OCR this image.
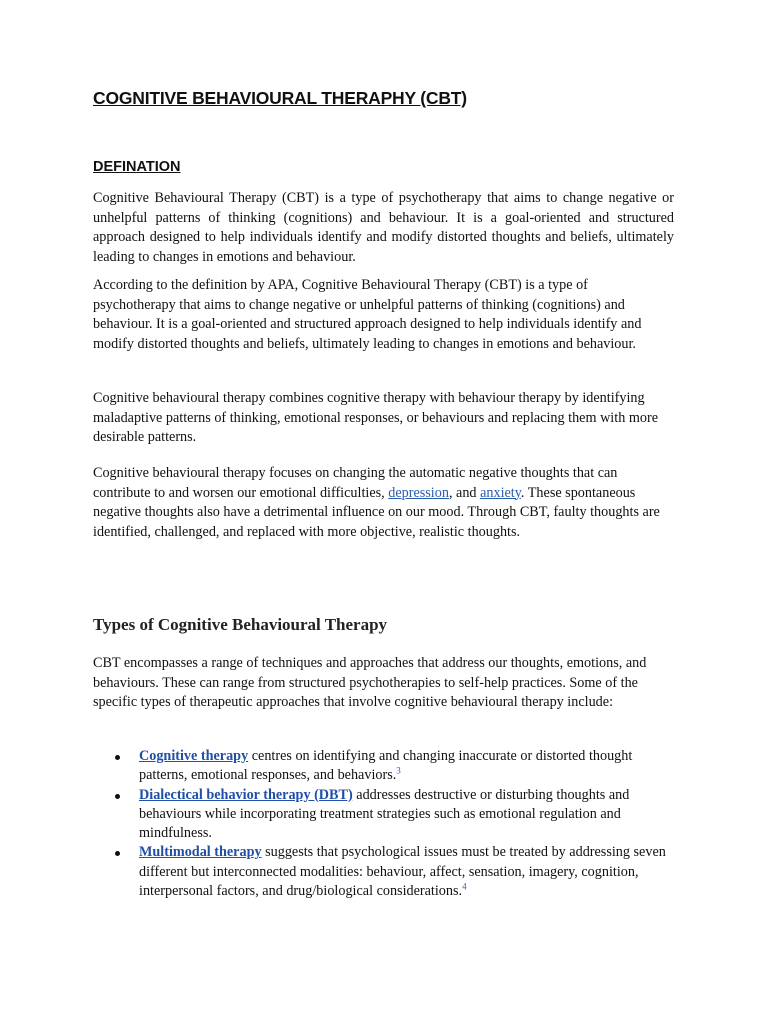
COGNITIVE BEHAVIOURAL THERAPHY (CBT)
DEFINATION

Cognitive Behavioural Therapy (CBT) is a type of psychotherapy that aims to change negative or unhelpful patterns of thinking (cognitions) and behaviour. It is a goal-oriented and structured approach designed to help individuals identify and modify distorted thoughts and beliefs, ultimately leading to changes in emotions and behaviour.

According to the definition by APA, Cognitive Behavioural Therapy (CBT) is a type of psychotherapy that aims to change negative or unhelpful patterns of thinking (cognitions) and behaviour. It is a goal-oriented and structured approach designed to help individuals identify and modify distorted thoughts and beliefs, ultimately leading to changes in emotions and behaviour.

Cognitive behavioural therapy combines cognitive therapy with behaviour therapy by identifying maladaptive patterns of thinking, emotional responses, or behaviours and replacing them with more desirable patterns.

Cognitive behavioural therapy focuses on changing the automatic negative thoughts that can contribute to and worsen our emotional difficulties, depression, and anxiety. These spontaneous negative thoughts also have a detrimental influence on our mood. Through CBT, faulty thoughts are identified, challenged, and replaced with more objective, realistic thoughts.

Types of Cognitive Behavioural Therapy

CBT encompasses a range of techniques and approaches that address our thoughts, emotions, and behaviours. These can range from structured psychotherapies to self-help practices. Some of the specific types of therapeutic approaches that involve cognitive behavioural therapy include:

Cognitive therapy centres on identifying and changing inaccurate or distorted thought patterns, emotional responses, and behaviors.$^3$
Dialectical behavior therapy (DBT) addresses destructive or disturbing thoughts and behaviours while incorporating treatment strategies such as emotional regulation and mindfulness.
Multimodal therapy suggests that psychological issues must be treated by addressing seven different but interconnected modalities: behaviour, affect, sensation, imagery, cognition, interpersonal factors, and drug/biological considerations.$^4$
